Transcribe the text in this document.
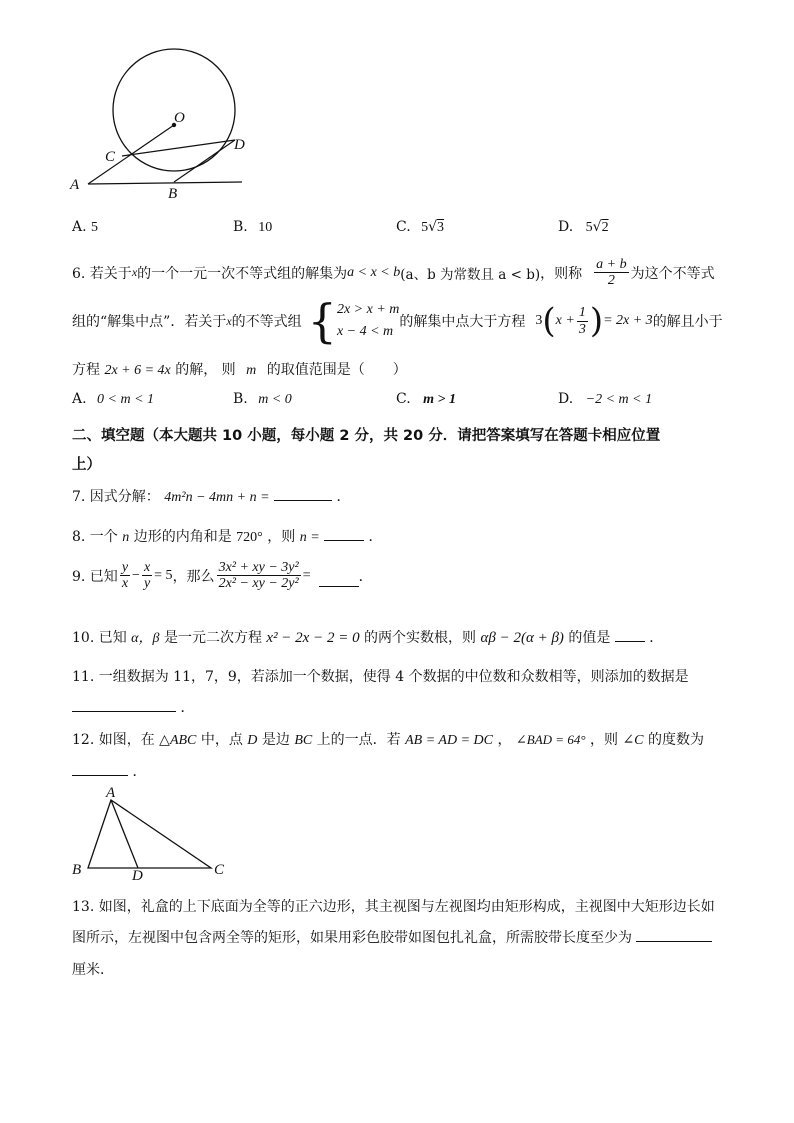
O
C
D
A
B
A. 5	B. 10	C. 5√3	D. 5√2
6. 若关于 x 的一个一元一次不等式组的解集为 a < x < b (a、b 为常数且 a < b) ，则称 $\frac{a + b}{2}$ 为这个不等式
组的“解集中点”．若关于 x 的不等式组 { 2x > x + m
x − 4 < m
的解集中点大于方程 3 ( $x + \frac{1}{3}$ ) = 2x + 3 的解且小于
方程 2x + 6 = 4x 的解， 则 m 的取值范围是（　　）
A. 0 < m < 1	B. m < 0	C. m > 1	D. −2 < m < 1
二、填空题（本大题共 10 小题，每小题 2 分，共 20 分．请把答案填写在答题卡相应位置
上）
7. 因式分解： 4m²n − 4mn + n =	．
8. 一个 n 边形的内角和是 720° ，则 n =	．
9. 已知 $\frac{y}{x} - \frac{x}{y} = 5$ ，那么 $\frac{\text{3x² + xy − 3y²}}{\text{2x² − xy − 2y²}}$ =	．
10. 已知 α，β 是一元二次方程 x² − 2x − 2 = 0 的两个实数根，则 αβ − 2(α + β) 的值是	．
11. 一组数据为 11，7，9，若添加一个数据，使得 4 个数据的中位数和众数相等，则添加的数据是
．
12. 如图，在 △ABC 中，点 D 是边 BC 上的一点．若 AB = AD = DC ， ∠BAD = 64° ，则 ∠C 的度数为
．
A
B	D	C
13. 如图，礼盒的上下底面为全等的正六边形，其主视图与左视图均由矩形构成，主视图中大矩形边长如
图所示，左视图中包含两全等的矩形，如果用彩色胶带如图包扎礼盒，所需胶带长度至少为
厘米．
